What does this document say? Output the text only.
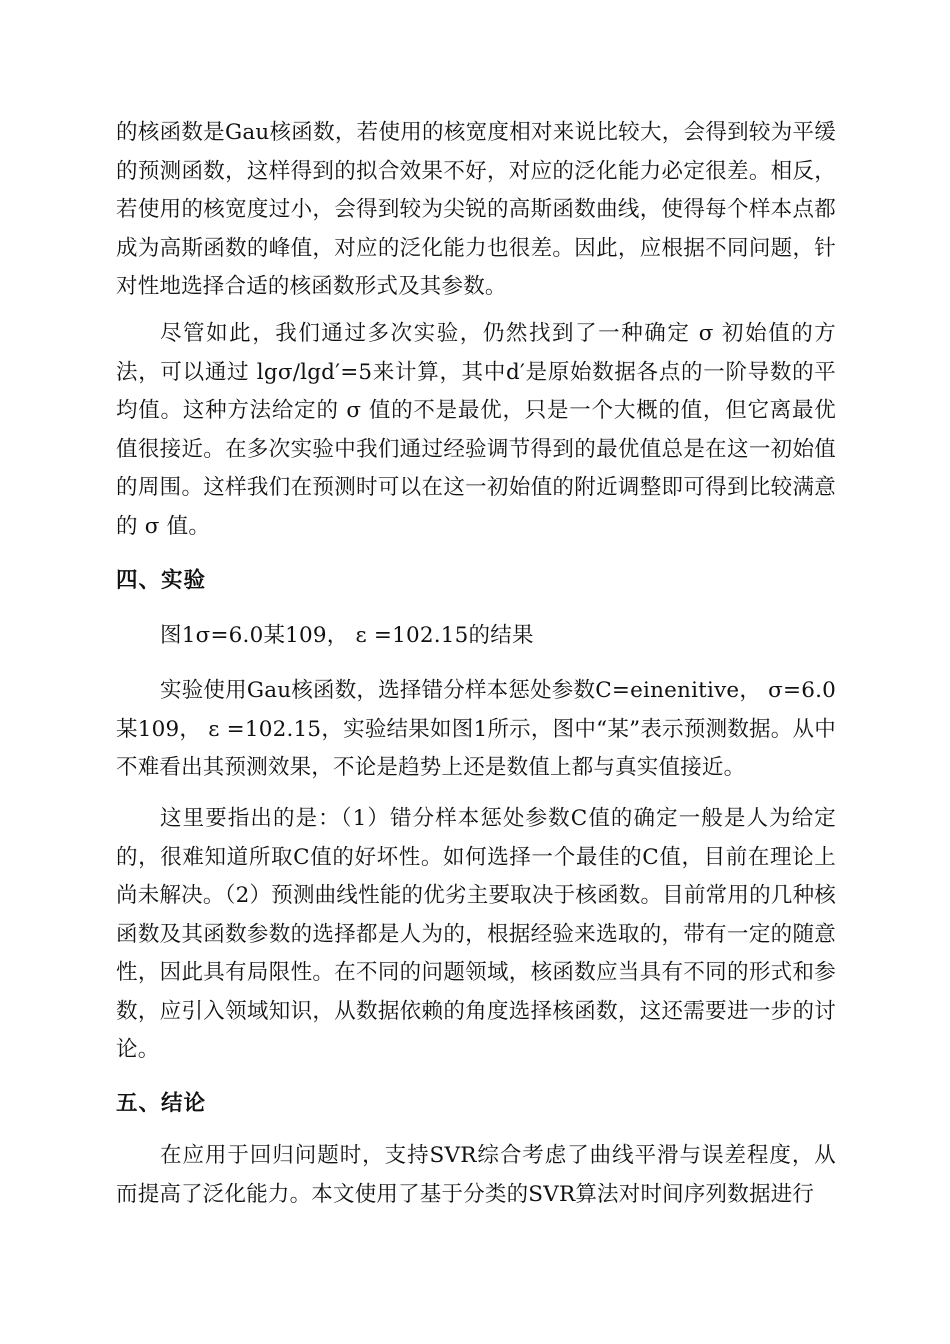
的核函数是Gau核函数，若使用的核宽度相对来说比较大，会得到较为平缓的预测函数，这样得到的拟合效果不好，对应的泛化能力必定很差。相反，若使用的核宽度过小，会得到较为尖锐的高斯函数曲线，使得每个样本点都成为高斯函数的峰值，对应的泛化能力也很差。因此，应根据不同问题，针对性地选择合适的核函数形式及其参数。

尽管如此，我们通过多次实验，仍然找到了一种确定 σ 初始值的方法，可以通过 lgσ/lgd′=5来计算，其中d′是原始数据各点的一阶导数的平均值。这种方法给定的 σ 值的不是最优，只是一个大概的值，但它离最优值很接近。在多次实验中我们通过经验调节得到的最优值总是在这一初始值的周围。这样我们在预测时可以在这一初始值的附近调整即可得到比较满意的 σ 值。

四、实验

图1σ=6.0某109， ε =102.15的结果

实验使用Gau核函数，选择错分样本惩处参数C=einenitive， σ=6.0某109， ε =102.15，实验结果如图1所示，图中“某”表示预测数据。从中不难看出其预测效果，不论是趋势上还是数值上都与真实值接近。

这里要指出的是：（1）错分样本惩处参数C值的确定一般是人为给定的，很难知道所取C值的好坏性。如何选择一个最佳的C值，目前在理论上尚未解决。（2）预测曲线性能的优劣主要取决于核函数。目前常用的几种核函数及其函数参数的选择都是人为的，根据经验来选取的，带有一定的随意性，因此具有局限性。在不同的问题领域，核函数应当具有不同的形式和参数，应引入领域知识，从数据依赖的角度选择核函数，这还需要进一步的讨论。

五、结论

在应用于回归问题时，支持SVR综合考虑了曲线平滑与误差程度，从而提高了泛化能力。本文使用了基于分类的SVR算法对时间序列数据进行
